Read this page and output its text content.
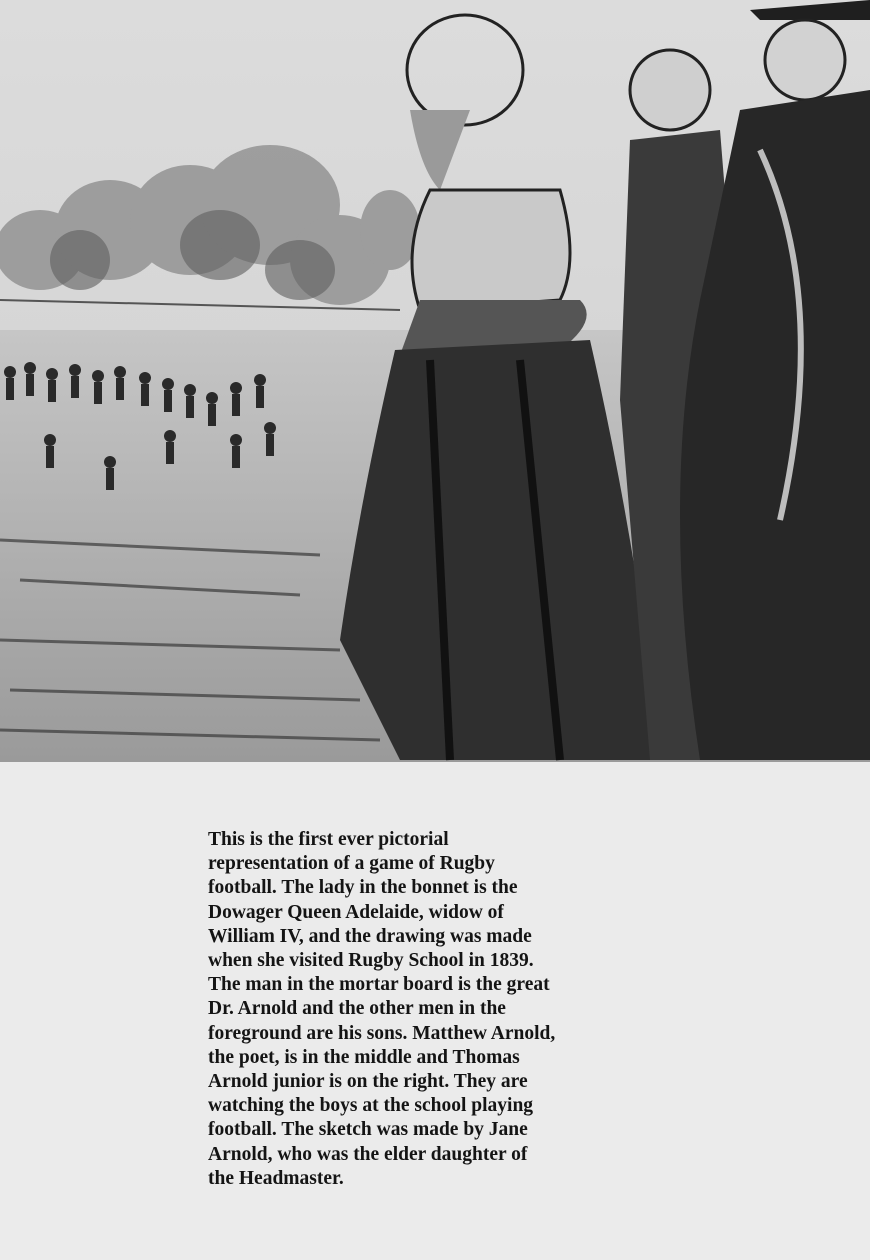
This is the first ever pictorial
representation of a game of Rugby
football. The lady in the bonnet is the
Dowager Queen Adelaide, widow of
William IV, and the drawing was made
when she visited Rugby School in 1839.
The man in the mortar board is the great
Dr. Arnold and the other men in the
foreground are his sons. Matthew Arnold,
the poet, is in the middle and Thomas
Arnold junior is on the right. They are
watching the boys at the school playing
football. The sketch was made by Jane
Arnold, who was the elder daughter of
the Headmaster.
